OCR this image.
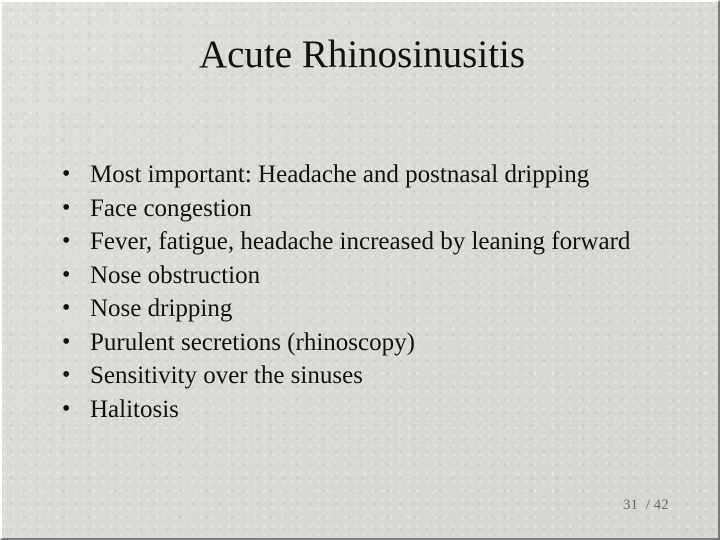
Acute Rhinosinusitis
• Most important: Headache and postnasal dripping
• Face congestion
• Fever, fatigue, headache increased by leaning forward
• Nose obstruction
• Nose dripping
• Purulent secretions (rhinoscopy)
• Sensitivity over the sinuses
• Halitosis
31 / 42
